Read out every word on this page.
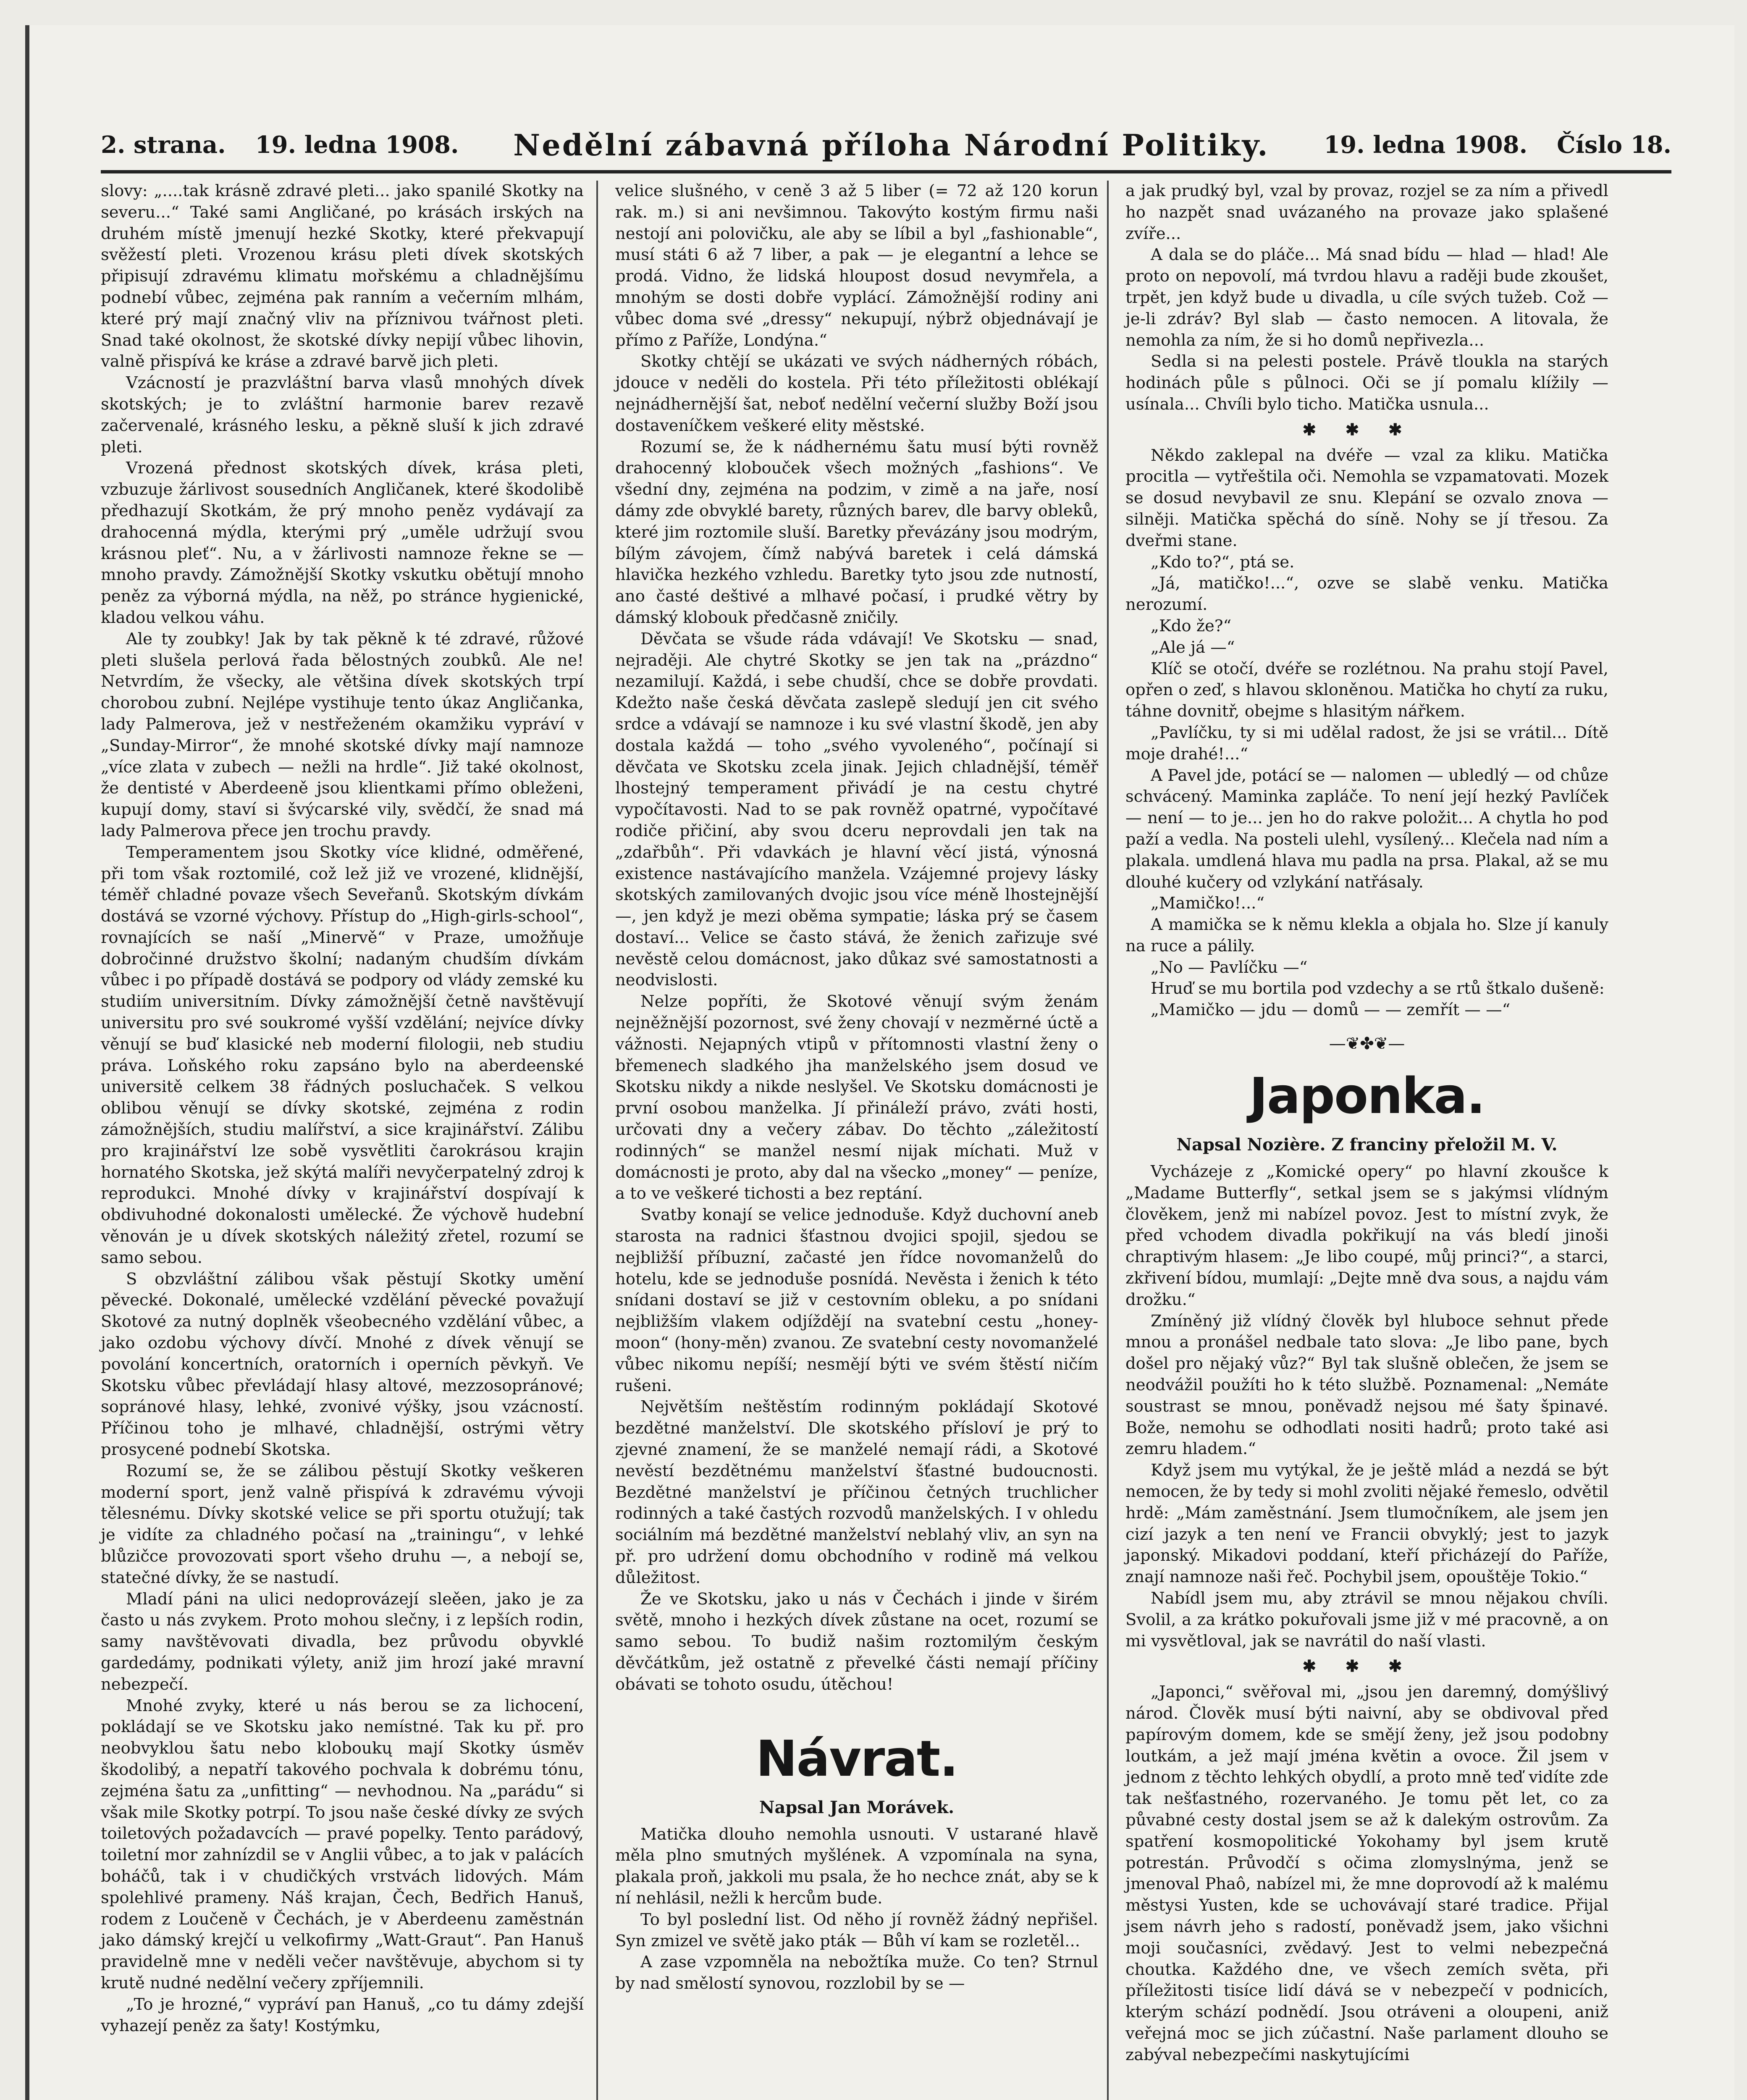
2. strana. 19. ledna 1908. Nedělní zábavná příloha Národní Politiky. 19. ledna 1908. Číslo 18.

slovy: „....tak krásně zdravé pleti... jako spanilé Skotky na severu...“ Také sami Angličané, po krásách irských na druhém místě jmenují hezké Skotky, které překvapují svěžestí pleti. Vrozenou krásu pleti dívek skotských připisují zdravému klimatu mořskému a chladnějšímu podnebí vůbec, zejména pak ranním a večerním mlhám, které prý mají značný vliv na příznivou tvářnost pleti. Snad také okolnost, že skotské dívky nepijí vůbec lihovin, valně přispívá ke kráse a zdravé barvě jich pleti.

Vzácností je prazvláštní barva vlasů mnohých dívek skotských; je to zvláštní harmonie barev rezavě začervenalé, krásného lesku, a pěkně sluší k jich zdravé pleti.

Vrozená přednost skotských dívek, krása pleti, vzbuzuje žárlivost sousedních Angličanek, které škodolibě předhazují Skotkám, že prý mnoho peněz vydávají za drahocenná mýdla, kterými prý „uměle udržují svou krásnou pleť“. Nu, a v žárlivosti namnoze řekne se — mnoho pravdy. Zámožnější Skotky vskutku obětují mnoho peněz za výborná mýdla, na něž, po stránce hygienické, kladou velkou váhu.

Ale ty zoubky! Jak by tak pěkně k té zdravé, růžové pleti slušela perlová řada bělostných zoubků. Ale ne! Netvrdím, že všecky, ale většina dívek skotských trpí chorobou zubní. Nejlépe vystihuje tento úkaz Angličanka, lady Palmerova, jež v nestřeženém okamžiku vypráví v „Sunday-Mirror“, že mnohé skotské dívky mají namnoze „více zlata v zubech — nežli na hrdle“. Již také okolnost, že dentisté v Aberdeeně jsou klientkami přímo obleženi, kupují domy, staví si švýcarské vily, svědčí, že snad má lady Palmerova přece jen trochu pravdy.

Temperamentem jsou Skotky více klidné, odměřené, při tom však roztomilé, což lež již ve vrozené, klidnější, téměř chladné povaze všech Seveřanů. Skotským dívkám dostává se vzorné výchovy. Přístup do „High-girls-school“, rovnajících se naší „Minervě“ v Praze, umožňuje dobročinné družstvo školní; nadaným chudším dívkám vůbec i po případě dostává se podpory od vlády zemské ku studiím universitním. Dívky zámožnější četně navštěvují universitu pro své soukromé vyšší vzdělání; nejvíce dívky věnují se buď klasické neb moderní filologii, neb studiu práva. Loňského roku zapsáno bylo na aberdeenské universitě celkem 38 řádných posluchaček. S velkou oblibou věnují se dívky skotské, zejména z rodin zámožnějších, studiu malířství, a sice krajinářství. Zálibu pro krajinářství lze sobě vysvětliti čarokrásou krajin hornatého Skotska, jež skýtá malíři nevyčerpatelný zdroj k reprodukci. Mnohé dívky v krajinářství dospívají k obdivuhodné dokonalosti umělecké. Že výchově hudební věnován je u dívek skotských náležitý zřetel, rozumí se samo sebou.

S obzvláštní zálibou však pěstují Skotky umění pěvecké. Dokonalé, umělecké vzdělání pěvecké považují Skotové za nutný doplněk všeobecného vzdělání vůbec, a jako ozdobu výchovy dívčí. Mnohé z dívek věnují se povolání koncertních, oratorních i operních pěvkyň. Ve Skotsku vůbec převládají hlasy altové, mezzosopránové; sopránové hlasy, lehké, zvonivé výšky, jsou vzácností. Příčinou toho je mlhavé, chladnější, ostrými větry prosycené podnebí Skotska.

Rozumí se, že se zálibou pěstují Skotky veškeren moderní sport, jenž valně přispívá k zdravému vývoji tělesnému. Dívky skotské velice se při sportu otužují; tak je vidíte za chladného počasí na „trainingu“, v lehké blůzičce provozovati sport všeho druhu —, a nebojí se, statečné dívky, že se nastudí.

Mladí páni na ulici nedoprovázejí sleěen, jako je za často u nás zvykem. Proto mohou slečny, i z lepších rodin, samy navštěvovati divadla, bez průvodu obyvklé gardedámy, podnikati výlety, aniž jim hrozí jaké mravní nebezpečí.

Mnohé zvyky, které u nás berou se za lichocení, pokládají se ve Skotsku jako nemístné. Tak ku př. pro neobvyklou šatu nebo kloboukų mají Skotky úsměv škodolibý, a nepatří takového pochvala k dobrému tónu, zejména šatu za „unfitting“ — nevhodnou. Na „parádu“ si však mile Skotky potrpí. To jsou naše české dívky ze svých toiletových požadavcích — pravé popelky. Tento parádový, toiletní mor zahnízdil se v Anglii vůbec, a to jak v palácích boháčů, tak i v chudičkých vrstvách lidových. Mám spolehlivé prameny. Náš krajan, Čech, Bedřich Hanuš, rodem z Loučeně v Čechách, je v Aberdeenu zaměstnán jako dámský krejčí u velkofirmy „Watt-Graut“. Pan Hanuš pravidelně mne v neděli večer navštěvuje, abychom si ty krutě nudné nedělní večery zpříjemnili.

„To je hrozné,“ vypráví pan Hanuš, „co tu dámy zdejší vyhazejí peněz za šaty! Kostýmku,

velice slušného, v ceně 3 až 5 liber (= 72 až 120 korun rak. m.) si ani nevšimnou. Takovýto kostým firmu naši nestojí ani polovičku, ale aby se líbil a byl „fashionable“, musí státi 6 až 7 liber, a pak — je elegantní a lehce se prodá. Vidno, že lidská hloupost dosud nevymřela, a mnohým se dosti dobře vyplácí. Zámožnější rodiny ani vůbec doma své „dressy“ nekupují, nýbrž objednávají je přímo z Paříže, Londýna.“

Skotky chtějí se ukázati ve svých nádherných róbách, jdouce v neděli do kostela. Při této příležitosti oblékají nejnádhernější šat, neboť nedělní večerní služby Boží jsou dostaveníčkem veškeré elity městské.

Rozumí se, že k nádhernému šatu musí býti rovněž drahocenný klobouček všech možných „fashions“. Ve všední dny, zejména na podzim, v zimě a na jaře, nosí dámy zde obvyklé barety, různých barev, dle barvy obleků, které jim roztomile sluší. Baretky převázány jsou modrým, bílým závojem, čímž nabývá baretek i celá dámská hlavička hezkého vzhledu. Baretky tyto jsou zde nutností, ano časté deštivé a mlhavé počasí, i prudké větry by dámský klobouk předčasně zničily.

Děvčata se všude ráda vdávají! Ve Skotsku — snad, nejraději. Ale chytré Skotky se jen tak na „prázdno“ nezamilují. Každá, i sebe chudší, chce se dobře provdati. Kdežto naše česká děvčata zaslepě sledují jen cit svého srdce a vdávají se namnoze i ku své vlastní škodě, jen aby dostala každá — toho „svého vyvoleného“, počínají si děvčata ve Skotsku zcela jinak. Jejich chladnější, téměř lhostejný temperament přivádí je na cestu chytré vypočítavosti. Nad to se pak rovněž opatrné, vypočítavé rodiče přičiní, aby svou dceru neprovdali jen tak na „zdařbůh“. Při vdavkách je hlavní věcí jistá, výnosná existence nastávajícího manžela. Vzájemné projevy lásky skotských zamilovaných dvojic jsou více méně lhostejnější —, jen když je mezi oběma sympatie; láska prý se časem dostaví... Velice se často stává, že ženich zařizuje své nevěstě celou domácnost, jako důkaz své samostatnosti a neodvislosti.

Nelze popříti, že Skotové věnují svým ženám nejněžnější pozornost, své ženy chovají v nezměrné úctě a vážnosti. Nejapných vtipů v přítomnosti vlastní ženy o břemenech sladkého jha manželského jsem dosud ve Skotsku nikdy a nikde neslyšel. Ve Skotsku domácnosti je první osobou manželka. Jí přináleží právo, zváti hosti, určovati dny a večery zábav. Do těchto „záležitostí rodinných“ se manžel nesmí nijak míchati. Muž v domácnosti je proto, aby dal na všecko „money“ — peníze, a to ve veškeré tichosti a bez reptání.

Svatby konají se velice jednoduše. Když duchovní aneb starosta na radnici šťastnou dvojici spojil, sjedou se nejbližší příbuzní, začasté jen řídce novomanželů do hotelu, kde se jednoduše posnídá. Nevěsta i ženich k této snídani dostaví se již v cestovním obleku, a po snídani nejbližším vlakem odjíždějí na svatební cestu „honey-moon“ (hony-měn) zvanou. Ze svatební cesty novomanželé vůbec nikomu nepíší; nesmějí býti ve svém štěstí ničím rušeni.

Největším neštěstím rodinným pokládají Skotové bezdětné manželství. Dle skotského přísloví je prý to zjevné znamení, že se manželé nemají rádi, a Skotové nevěstí bezdětnému manželství šťastné budoucnosti. Bezdětné manželství je příčinou četných truchlicher rodinných a také častých rozvodů manželských. I v ohledu sociálním má bezdětné manželství neblahý vliv, an syn na př. pro udržení domu obchodního v rodině má velkou důležitost.

Že ve Skotsku, jako u nás v Čechách i jinde v širém světě, mnoho i hezkých dívek zůstane na ocet, rozumí se samo sebou. To budiž našim roztomilým českým děvčátkům, jež ostatně z převelké části nemají příčiny obávati se tohoto osudu, útěchou!

Návrat.
Napsal Jan Morávek.

Matička dlouho nemohla usnouti. V ustarané hlavě měla plno smutných myšlének. A vzpomínala na syna, plakala proň, jakkoli mu psala, že ho nechce znát, aby se k ní nehlásil, nežli k hercům bude.

To byl poslední list. Od něho jí rovněž žádný nepřišel. Syn zmizel ve světě jako pták — Bůh ví kam se rozletěl...

A zase vzpomněla na nebožtíka muže. Co ten? Strnul by nad smělostí synovou, rozzlobil by se —

a jak prudký byl, vzal by provaz, rozjel se za ním a přivedl ho nazpět snad uvázaného na provaze jako splašené zvíře...

A dala se do pláče... Má snad bídu — hlad — hlad! Ale proto on nepovolí, má tvrdou hlavu a raději bude zkoušet, trpět, jen když bude u divadla, u cíle svých tužeb. Což — je-li zdráv? Byl slab — často nemocen. A litovala, že nemohla za ním, že si ho domů nepřivezla...

Sedla si na pelesti postele. Právě tloukla na starých hodinách půle s půlnoci. Oči se jí pomalu klížily — usínala... Chvíli bylo ticho. Matička usnula...

✱✱✱

Někdo zaklepal na dvéře — vzal za kliku. Matička procitla — vytřeštila oči. Nemohla se vzpamatovati. Mozek se dosud nevybavil ze snu. Klepání se ozvalo znova — silněji. Matička spěchá do síně. Nohy se jí třesou. Za dveřmi stane.

„Kdo to?“, ptá se.

„Já, matičko!...“, ozve se slabě venku. Matička nerozumí.

„Kdo že?“

„Ale já —“

Klíč se otočí, dvéře se rozlétnou. Na prahu stojí Pavel, opřen o zeď, s hlavou skloněnou. Matička ho chytí za ruku, táhne dovnitř, obejme s hlasitým nářkem.

„Pavlíčku, ty si mi udělal radost, že jsi se vrátil... Dítě moje drahé!...“

A Pavel jde, potácí se — nalomen — ubledlý — od chůze schvácený. Maminka zapláče. To není její hezký Pavlíček — není — to je... jen ho do rakve položit... A chytla ho pod paží a vedla. Na posteli ulehl, vysílený... Klečela nad ním a plakala. umdlená hlava mu padla na prsa. Plakal, až se mu dlouhé kučery od vzlykání natřásaly.

„Mamičko!...“

A mamička se k němu klekla a objala ho. Slze jí kanuly na ruce a pálily.

„No — Pavlíčku —“

Hruď se mu bortila pod vzdechy a se rtů štkalo dušeně:

„Mamičko — jdu — domů — — zemřít — —“

—❦✤❦—
Japonka.
Napsal Nozière. Z francinу přeložil M. V.

Vycházeje z „Komické opery“ po hlavní zkoušce k „Madame Butterfly“, setkal jsem se s jakýmsi vlídným člověkem, jenž mi nabízel povoz. Jest to místní zvyk, že před vchodem divadla pokřikují na vás bledí jinoši chraptivým hlasem: „Je libo coupé, můj princi?“, a starci, zkřivení bídou, mumlají: „Dejte mně dva sous, a najdu vám drožku.“

Zmíněný již vlídný člověk byl hluboce sehnut přede mnou a pronášel nedbale tato slova: „Je libo pane, bych došel pro nějaký vůz?“ Byl tak slušně oblečen, že jsem se neodvážil použíti ho k této službě. Poznamenal: „Nemáte soustrast se mnou, poněvadž nejsou mé šaty špinavé. Bože, nemohu se odhodlati nositi hadrů; proto také asi zemru hladem.“

Když jsem mu vytýkal, že je ještě mlád a nezdá se být nemocen, že by tedy si mohl zvoliti nějaké řemeslo, odvětil hrdě: „Mám zaměstnání. Jsem tlumočníkem, ale jsem jen cizí jazyk a ten není ve Francii obvyklý; jest to jazyk japonský. Mikadovi poddaní, kteří přicházejí do Paříže, znají namnoze naši řeč. Pochybil jsem, opouštěje Tokio.“

Nabídl jsem mu, aby ztrávil se mnou nějakou chvíli. Svolil, a za krátko pokuřovali jsme již v mé pracovně, a on mi vysvětloval, jak se navrátil do naší vlasti.

✱✱✱

„Japonci,“ svěřoval mi, „jsou jen daremný, domýšlivý národ. Člověk musí býti naivní, aby se obdivoval před papírovým domem, kde se smějí ženy, jež jsou podobny loutkám, a jež mají jména květin a ovoce. Žil jsem v jednom z těchto lehkých obydlí, a proto mně teď vidíte zde tak nešťastného, rozervaného. Je tomu pět let, co za půvabné cesty dostal jsem se až k dalekým ostrovům. Za spatření kosmopolitické Yokohamy byl jsem krutě potrestán. Průvodčí s očima zlomyslnýma, jenž se jmenoval Phaô, nabízel mi, že mne doprovodí až k malému městysi Yusten, kde se uchovávají staré tradice. Přijal jsem návrh jeho s radostí, poněvadž jsem, jako všichni moji současníci, zvědavý. Jest to velmi nebezpečná choutka. Každého dne, ve všech zemích světa, při příležitosti tisíce lidí dává se v nebezpečí v podnicích, kterým schází podnědí. Jsou otráveni a oloupeni, aniž veřejná moc se jich zúčastní. Naše parlament dlouho se zabýval nebezpečími naskytujícími
